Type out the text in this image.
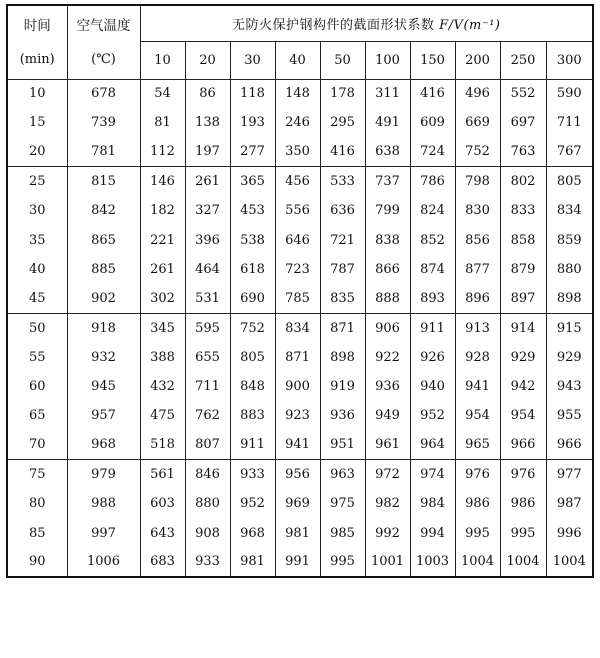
时间	空气温度	无防火保护钢构件的截面形状系数 F/V(m⁻¹)									
(min)	(℃)	10	20	30	40	50	100	150	200	250	300
10	678	54	86	118	148	178	311	416	496	552	590
15	739	81	138	193	246	295	491	609	669	697	711
20	781	112	197	277	350	416	638	724	752	763	767
25	815	146	261	365	456	533	737	786	798	802	805
30	842	182	327	453	556	636	799	824	830	833	834
35	865	221	396	538	646	721	838	852	856	858	859
40	885	261	464	618	723	787	866	874	877	879	880
45	902	302	531	690	785	835	888	893	896	897	898
50	918	345	595	752	834	871	906	911	913	914	915
55	932	388	655	805	871	898	922	926	928	929	929
60	945	432	711	848	900	919	936	940	941	942	943
65	957	475	762	883	923	936	949	952	954	954	955
70	968	518	807	911	941	951	961	964	965	966	966
75	979	561	846	933	956	963	972	974	976	976	977
80	988	603	880	952	969	975	982	984	986	986	987
85	997	643	908	968	981	985	992	994	995	995	996
90	1006	683	933	981	991	995	1001	1003	1004	1004	1004
